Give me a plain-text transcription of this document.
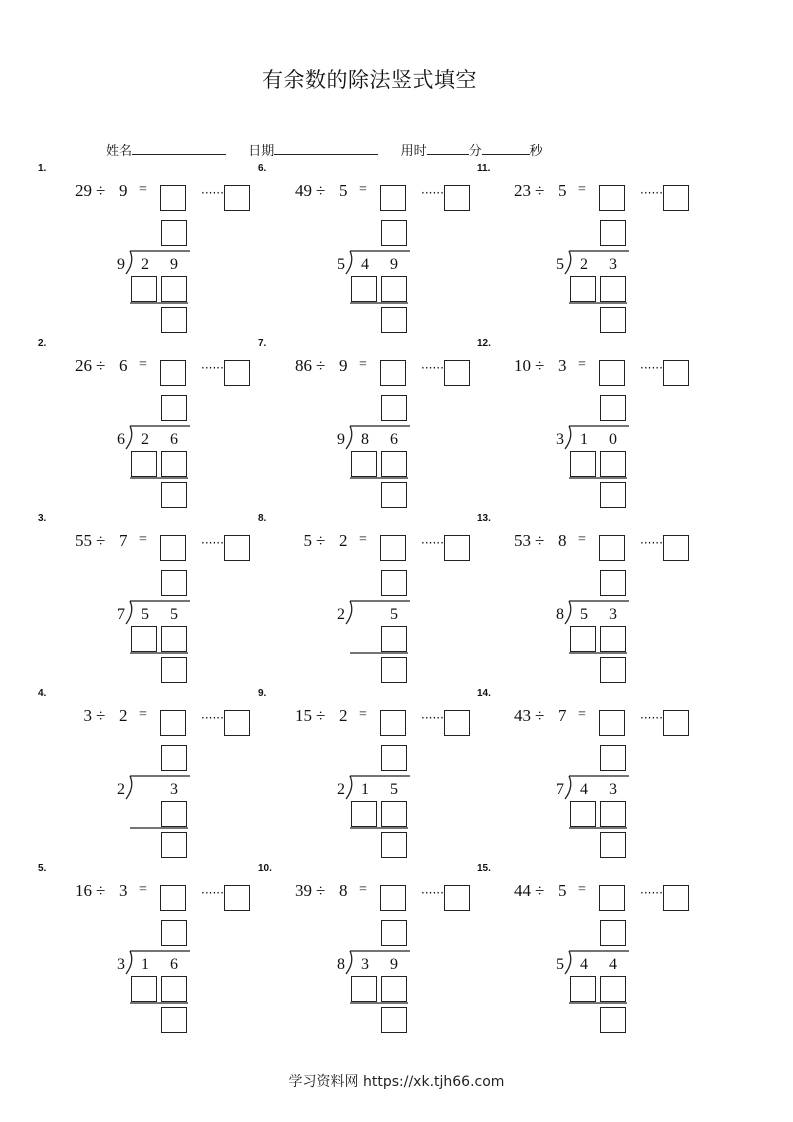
有余数的除法竖式填空
姓名	日期	用时	分	秒
1.
29 ÷ 9 =	······
9 2 9
2.
26 ÷ 6 =	······
6 2 6
3.
55 ÷ 7 =	······
7 5 5
4.
3 ÷ 2 =	······
2	3
5.
16 ÷ 3 =	······
3 1 6
6.
49 ÷ 5 =	······
5 4 9
7.
86 ÷ 9 =	······
9 8 6
8.
5 ÷ 2 =	······
2	5
9.
15 ÷ 2 =	······
2 1 5
10.
39 ÷ 8 =	······
8 3 9
11.
23 ÷ 5 =	······
5 2 3
12.
10 ÷ 3 =	······
3 1 0
13.
53 ÷ 8 =	······
8 5 3
14.
43 ÷ 7 =	······
7 4 3
15.
44 ÷ 5 =	······
5 4 4
学习资料网 https://xk.tjh66.com
